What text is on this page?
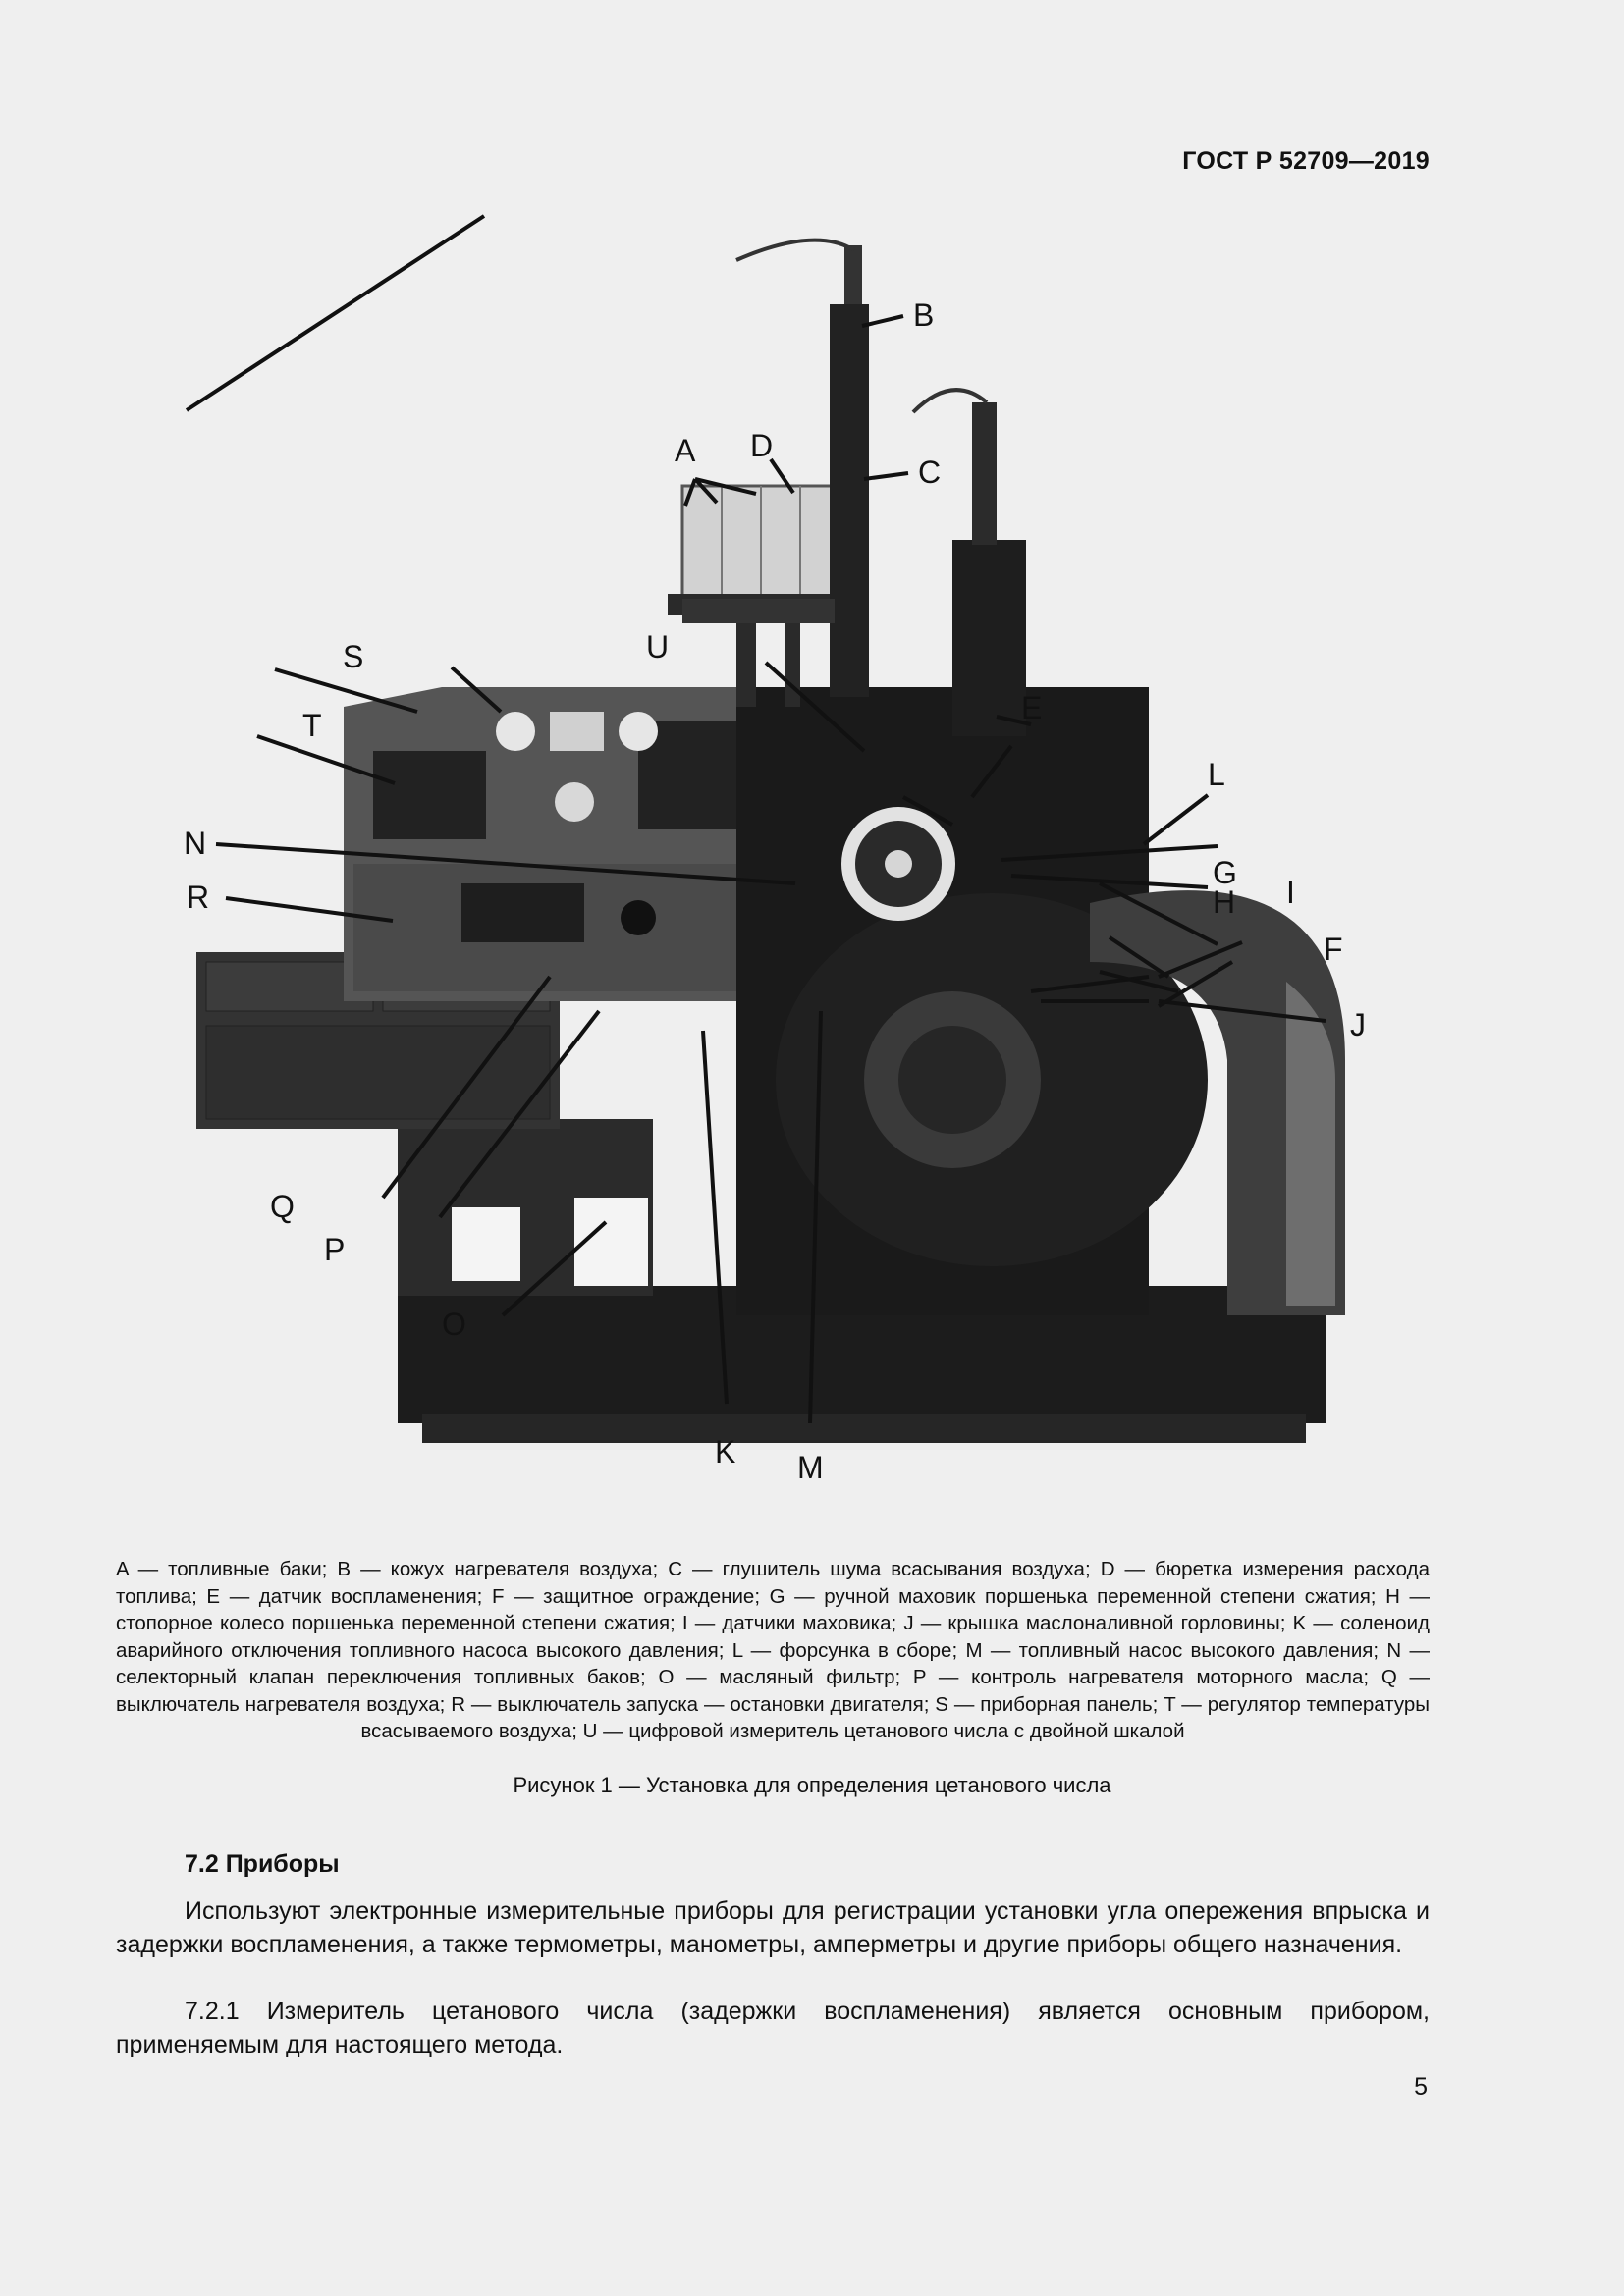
ГОСТ Р 52709—2019
A
B
C
D
E
F
G
H I
J
K
L
M
N
O
P
Q
R
S
T
U
A — топливные баки; B — кожух нагревателя воздуха; C — глушитель шума всасывания воздуха; D — бюретка измерения расхода топлива; E — датчик воспламенения; F — защитное ограждение; G — ручной маховик поршенька переменной степени сжатия; H — стопорное колесо поршенька переменной степени сжатия; I — датчики маховика; J — крышка маслоналивной горловины; K — соленоид аварийного отключения топливного насоса высокого давления; L — форсунка в сборе; M — топливный насос высокого давления; N — селекторный клапан переключения топливных баков; O — масляный фильтр; P — контроль нагревателя моторного масла; Q — выключатель нагревателя воздуха; R — выключатель запуска — остановки двигателя; S — приборная панель; T — регулятор температуры всасываемого воздуха; U — цифровой измеритель цетанового числа с двойной шкалой
Рисунок 1 — Установка для определения цетанового числа
7.2 Приборы
Используют электронные измерительные приборы для регистрации установки угла опережения впрыска и задержки воспламенения, а также термометры, манометры, амперметры и другие приборы общего назначения.
7.2.1 Измеритель цетанового числа (задержки воспламенения) является основным прибором, применяемым для настоящего метода.
5
